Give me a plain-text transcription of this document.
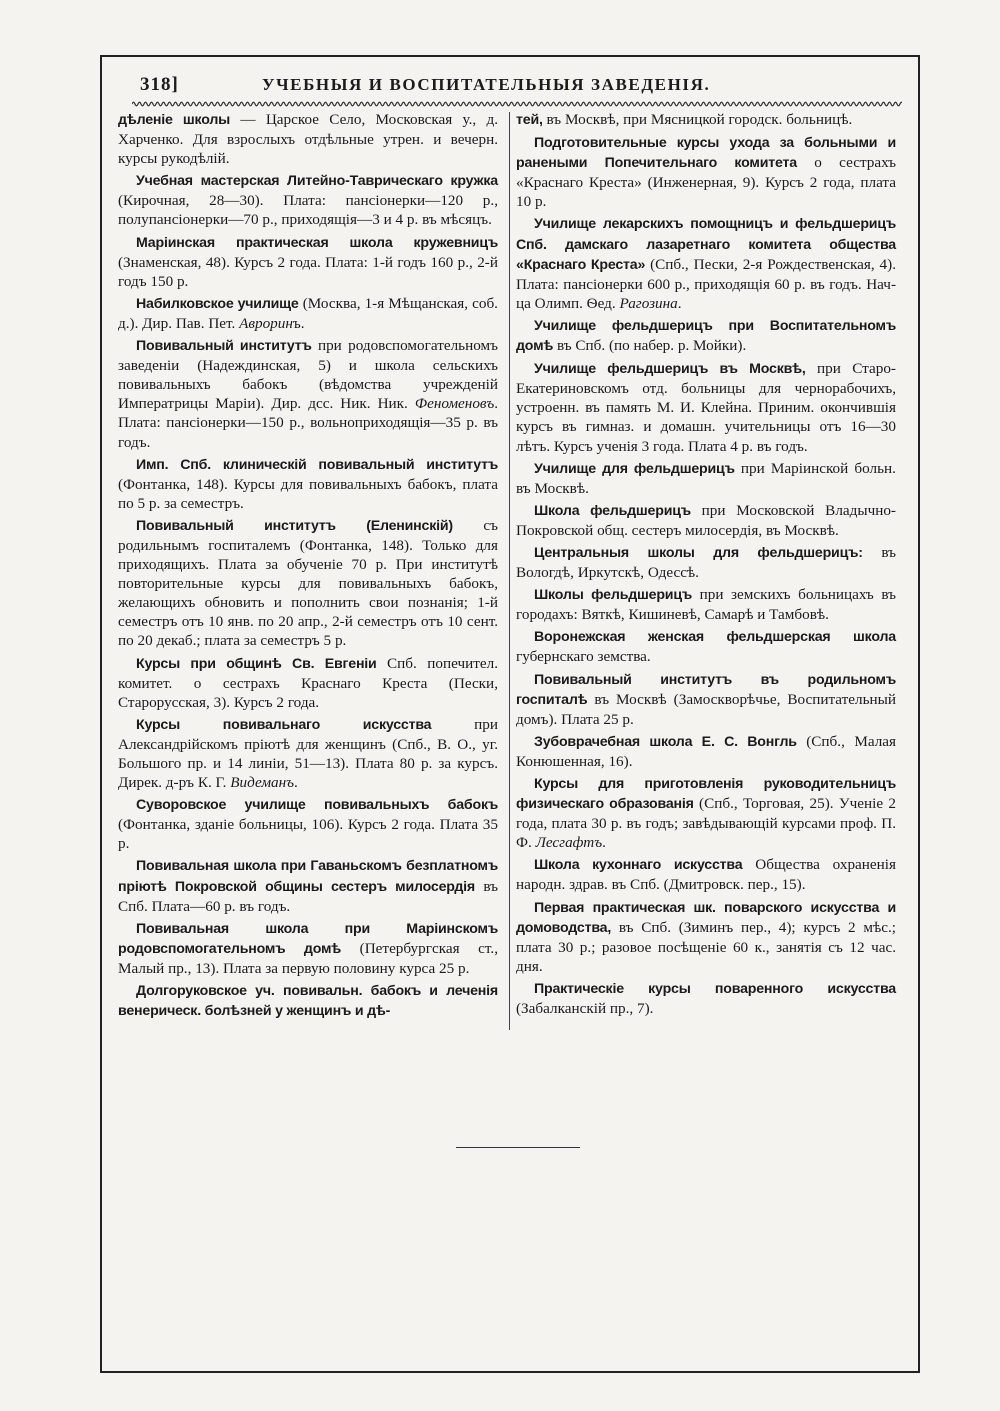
318]	УЧЕБНЫЯ И ВОСПИТАТЕЛЬНЫЯ ЗАВЕДЕНІЯ.

дѣленіе школы — Царское Село, Московская у., д. Харченко. Для взрослыхъ отдѣльные утрен. и вечерн. курсы рукодѣлій.

Учебная мастерская Литейно-Таврическаго кружка (Кирочная, 28—30). Плата: пансіонерки—120 р., полупансіонерки—70 р., приходящія—3 и 4 р. въ мѣсяцъ.

Маріинская практическая школа кружевницъ (Знаменская, 48). Курсъ 2 года. Плата: 1-й годъ 160 р., 2-й годъ 150 р.

Набилковское училище (Москва, 1-я Мѣщанская, соб. д.). Дир. Пав. Пет. Авроринъ.

Повивальный институтъ при родовспомогательномъ заведеніи (Надеждинская, 5) и школа сельскихъ повивальныхъ бабокъ (вѣдомства учрежденій Императрицы Маріи). Дир. дсс. Ник. Ник. Феноменовъ. Плата: пансіонерки—150 р., вольноприходящія—35 р. въ годъ.

Имп. Спб. клиническій повивальный институтъ (Фонтанка, 148). Курсы для повивальныхъ бабокъ, плата по 5 р. за семестръ.

Повивальный институтъ (Еленинскій) съ родильнымъ госпиталемъ (Фонтанка, 148). Только для приходящихъ. Плата за обученіе 70 р. При институтѣ повторительные курсы для повивальныхъ бабокъ, желающихъ обновить и пополнить свои познанія; 1-й семестръ отъ 10 янв. по 20 апр., 2-й семестръ отъ 10 сент. по 20 декаб.; плата за семестръ 5 р.

Курсы при общинѣ Св. Евгеніи Спб. попечител. комитет. о сестрахъ Краснаго Креста (Пески, Староруcская, 3). Курсъ 2 года.

Курсы повивальнаго искусства при Александрійскомъ пріютѣ для женщинъ (Спб., В. О., уг. Большого пр. и 14 линіи, 51—13). Плата 80 р. за курсъ. Дирек. д-ръ К. Г. Видеманъ.

Суворовское училище повивальныхъ бабокъ (Фонтанка, зданіе больницы, 106). Курсъ 2 года. Плата 35 р.

Повивальная школа при Гаваньскомъ безплатномъ пріютѣ Покровской общины сестеръ милосердія въ Спб. Плата—60 р. въ годъ.

Повивальная школа при Маріинскомъ родовспомогательномъ домѣ (Петербургская ст., Малый пр., 13). Плата за первую половину курса 25 р.

Долгоруковское уч. повивальн. бабокъ и леченія венерическ. болѣзней у женщинъ и дѣ-

тей, въ Москвѣ, при Мясницкой городск. больницѣ.

Подготовительные курсы ухода за больными и ранеными Попечительнаго комитета о сестрахъ «Краснаго Креста» (Инженерная, 9). Курсъ 2 года, плата 10 р.

Училище лекарскихъ помощницъ и фельдшерицъ Спб. дамскаго лазаретнаго комитета общества «Краснаго Креста» (Спб., Пески, 2-я Рождественская, 4). Плата: пансіонерки 600 р., приходящія 60 р. въ годъ. Нач-ца Олимп. Ѳед. Рагозина.

Училище фельдшерицъ при Воспитательномъ домѣ въ Спб. (по набер. р. Мойки).

Училище фельдшерицъ въ Москвѣ, при Старо-Екатериновскомъ отд. больницы для чернорабочихъ, устроенн. въ память М. И. Клейна. Приним. окончившія курсъ въ гимназ. и домашн. учительницы отъ 16—30 лѣтъ. Курсъ ученія 3 года. Плата 4 р. въ годъ.

Училище для фельдшерицъ при Маріинской больн. въ Москвѣ.

Школа фельдшерицъ при Московской Владычно-Покровской общ. сестеръ милосердія, въ Москвѣ.

Центральныя школы для фельдшерицъ: въ Вологдѣ, Иркутскѣ, Одессѣ.

Школы фельдшерицъ при земскихъ больницахъ въ городахъ: Вяткѣ, Кишиневѣ, Самарѣ и Тамбовѣ.

Воронежская женская фельдшерская школа губернскаго земства.

Повивальный институтъ въ родильномъ госпиталѣ въ Москвѣ (Замоскворѣчье, Воспитательный домъ). Плата 25 р.

Зубоврачебная школа Е. С. Вонгль (Спб., Малая Конюшенная, 16).

Курсы для приготовленія руководительницъ физическаго образованія (Спб., Торговая, 25). Ученіе 2 года, плата 30 р. въ годъ; завѣдывающій курсами проф. П. Ф. Лесгафтъ.

Школа кухоннаго искусства Общества охраненія народн. здрав. въ Спб. (Дмитровск. пер., 15).

Первая практическая шк. поварского искусства и домоводства, въ Спб. (Зиминъ пер., 4); курсъ 2 мѣс.; плата 30 р.; разовое посѣщеніе 60 к., занятія съ 12 час. дня.

Практическіе курсы поваренного искусства (Забалканскій пр., 7).
